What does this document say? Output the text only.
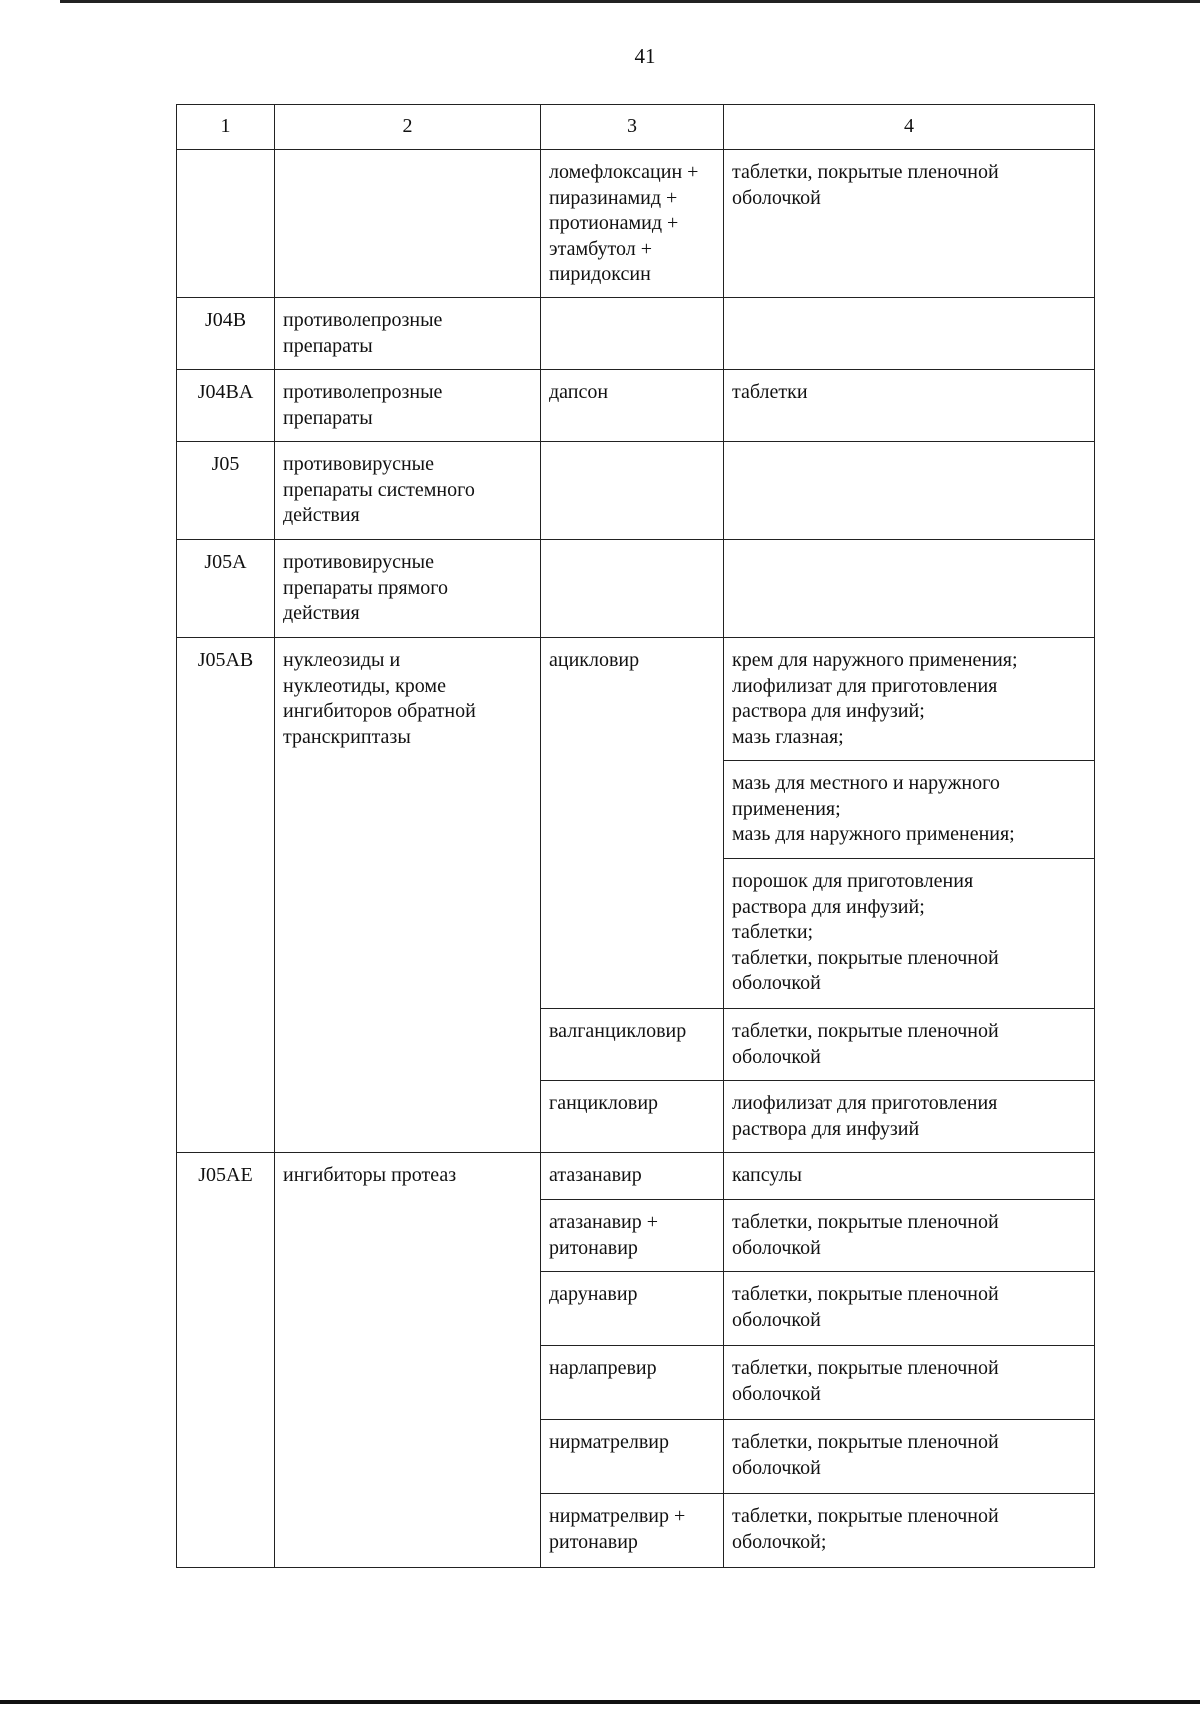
41
1	2	3	4

		ломефлоксацин +
пиразинамид +
протионамид +
этамбутол +
пиридоксин	таблетки, покрытые пленочной
оболочкой

J04B	противолепрозные
препараты		

J04BA	противолепрозные
препараты	дапсон	таблетки

J05	противовирусные
препараты системного
действия		

J05A	противовирусные
препараты прямого
действия		

J05AB	нуклеозиды и
нуклеотиды, кроме
ингибиторов обратной
транскриптазы	ацикловир	крем для наружного применения;
лиофилизат для приготовления
раствора для инфузий;
мазь глазная;

			мазь для местного и наружного
применения;
мазь для наружного применения;

			порошок для приготовления
раствора для инфузий;
таблетки;
таблетки, покрытые пленочной
оболочкой

		валганцикловир	таблетки, покрытые пленочной
оболочкой

		ганцикловир	лиофилизат для приготовления
раствора для инфузий

J05AE	ингибиторы протеаз	атазанавир	капсулы

		атазанавир +
ритонавир	таблетки, покрытые пленочной
оболочкой

		дарунавир	таблетки, покрытые пленочной
оболочкой

		нарлапревир	таблетки, покрытые пленочной
оболочкой

		нирматрелвир	таблетки, покрытые пленочной
оболочкой

		нирматрелвир +
ритонавир	таблетки, покрытые пленочной
оболочкой;
